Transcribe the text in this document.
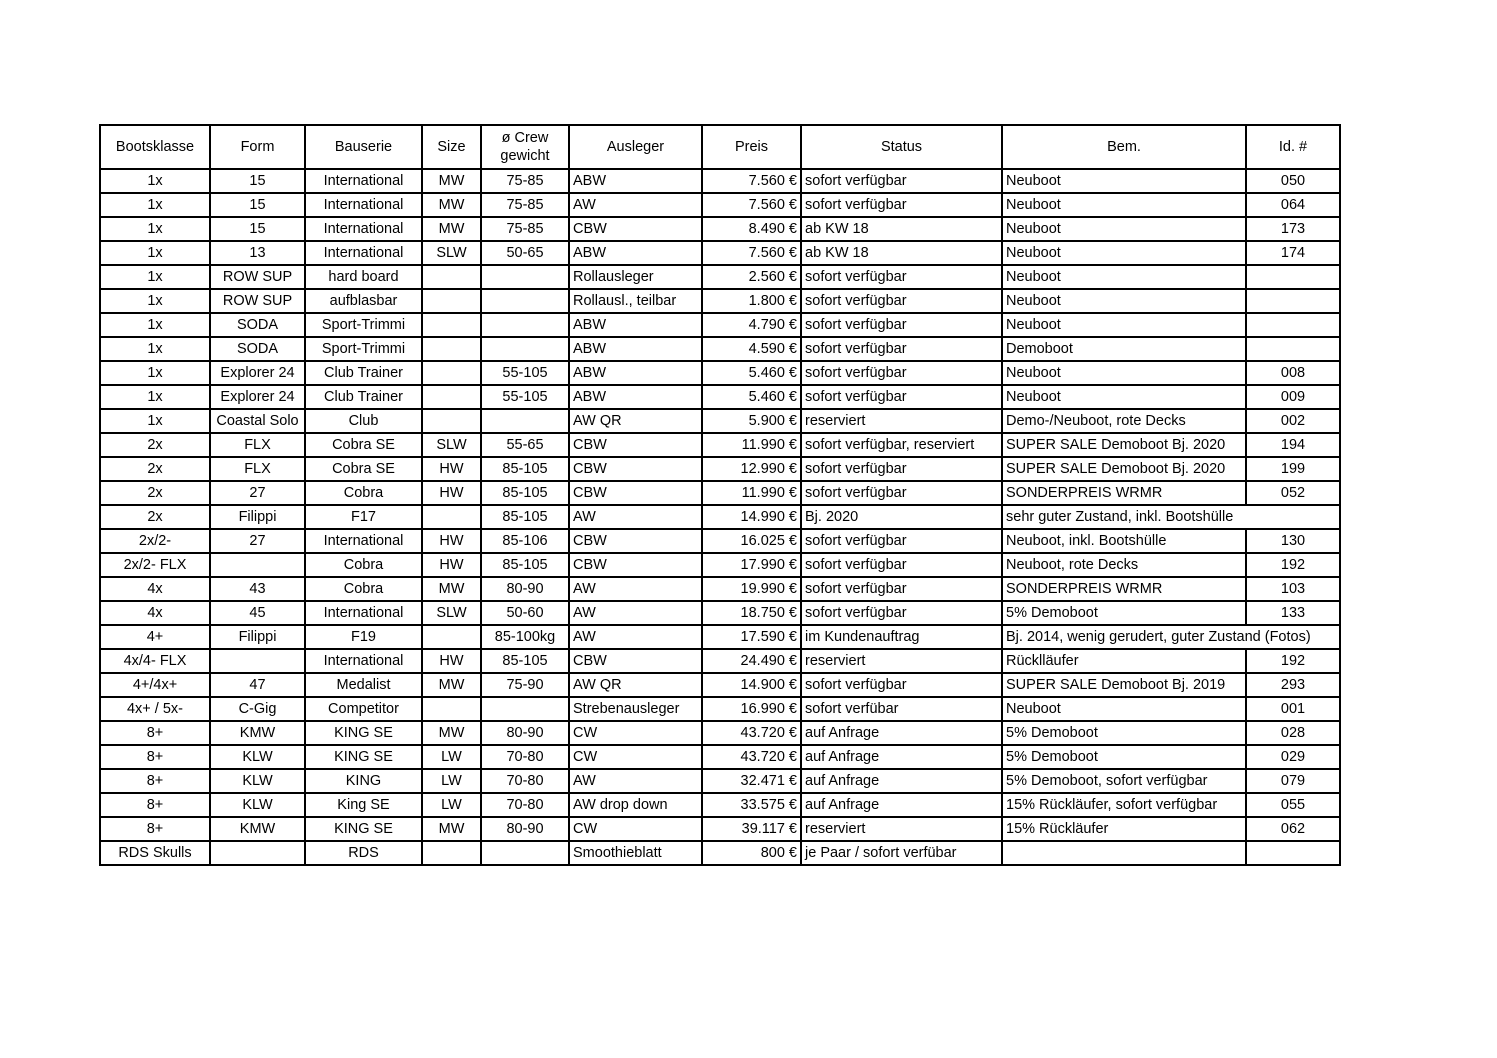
Bootsklasse	Form	Bauserie	Size	ø Crew gewicht	Ausleger	Preis	Status	Bem.	Id. #
1x	15	International	MW	75-85	ABW	7.560 €	sofort verfügbar	Neuboot	050
1x	15	International	MW	75-85	AW	7.560 €	sofort verfügbar	Neuboot	064
1x	15	International	MW	75-85	CBW	8.490 €	ab KW 18	Neuboot	173
1x	13	International	SLW	50-65	ABW	7.560 €	ab KW 18	Neuboot	174
1x	ROW SUP	hard board			Rollausleger	2.560 €	sofort verfügbar	Neuboot	
1x	ROW SUP	aufblasbar			Rollausl., teilbar	1.800 €	sofort verfügbar	Neuboot	
1x	SODA	Sport-Trimmi			ABW	4.790 €	sofort verfügbar	Neuboot	
1x	SODA	Sport-Trimmi			ABW	4.590 €	sofort verfügbar	Demoboot	
1x	Explorer 24	Club Trainer		55-105	ABW	5.460 €	sofort verfügbar	Neuboot	008
1x	Explorer 24	Club Trainer		55-105	ABW	5.460 €	sofort verfügbar	Neuboot	009
1x	Coastal Solo	Club			AW QR	5.900 €	reserviert	Demo-/Neuboot, rote Decks	002
2x	FLX	Cobra SE	SLW	55-65	CBW	11.990 €	sofort verfügbar, reserviert	SUPER SALE Demoboot Bj. 2020	194
2x	FLX	Cobra SE	HW	85-105	CBW	12.990 €	sofort verfügbar	SUPER SALE Demoboot Bj. 2020	199
2x	27	Cobra	HW	85-105	CBW	11.990 €	sofort verfügbar	SONDERPREIS WRMR	052
2x	Filippi	F17		85-105	AW	14.990 €	Bj. 2020	sehr guter Zustand, inkl. Bootshülle	
2x/2-	27	International	HW	85-106	CBW	16.025 €	sofort verfügbar	Neuboot, inkl. Bootshülle	130
2x/2- FLX		Cobra	HW	85-105	CBW	17.990 €	sofort verfügbar	Neuboot, rote Decks	192
4x	43	Cobra	MW	80-90	AW	19.990 €	sofort verfügbar	SONDERPREIS WRMR	103
4x	45	International	SLW	50-60	AW	18.750 €	sofort verfügbar	5% Demoboot	133
4+	Filippi	F19		85-100kg	AW	17.590 €	im Kundenauftrag	Bj. 2014, wenig gerudert, guter Zustand (Fotos)	
4x/4- FLX		International	HW	85-105	CBW	24.490 €	reserviert	Rückl​läufer	192
4+/4x+	47	Medalist	MW	75-90	AW QR	14.900 €	sofort verfügbar	SUPER SALE Demoboot Bj. 2019	293
4x+ / 5x-	C-Gig	Competitor			Strebenausleger	16.990 €	sofort verfübar	Neuboot	001
8+	KMW	KING SE	MW	80-90	CW	43.720 €	auf Anfrage	5% Demoboot	028
8+	KLW	KING SE	LW	70-80	CW	43.720 €	auf Anfrage	5% Demoboot	029
8+	KLW	KING	LW	70-80	AW	32.471 €	auf Anfrage	5% Demoboot, sofort verfügbar	079
8+	KLW	King SE	LW	70-80	AW drop down	33.575 €	auf Anfrage	15% Rückläufer, sofort verfügbar	055
8+	KMW	KING SE	MW	80-90	CW	39.117 €	reserviert	15% Rückläufer	062
RDS Skulls		RDS			Smoothieblatt	800 €	je Paar / sofort verfübar		
